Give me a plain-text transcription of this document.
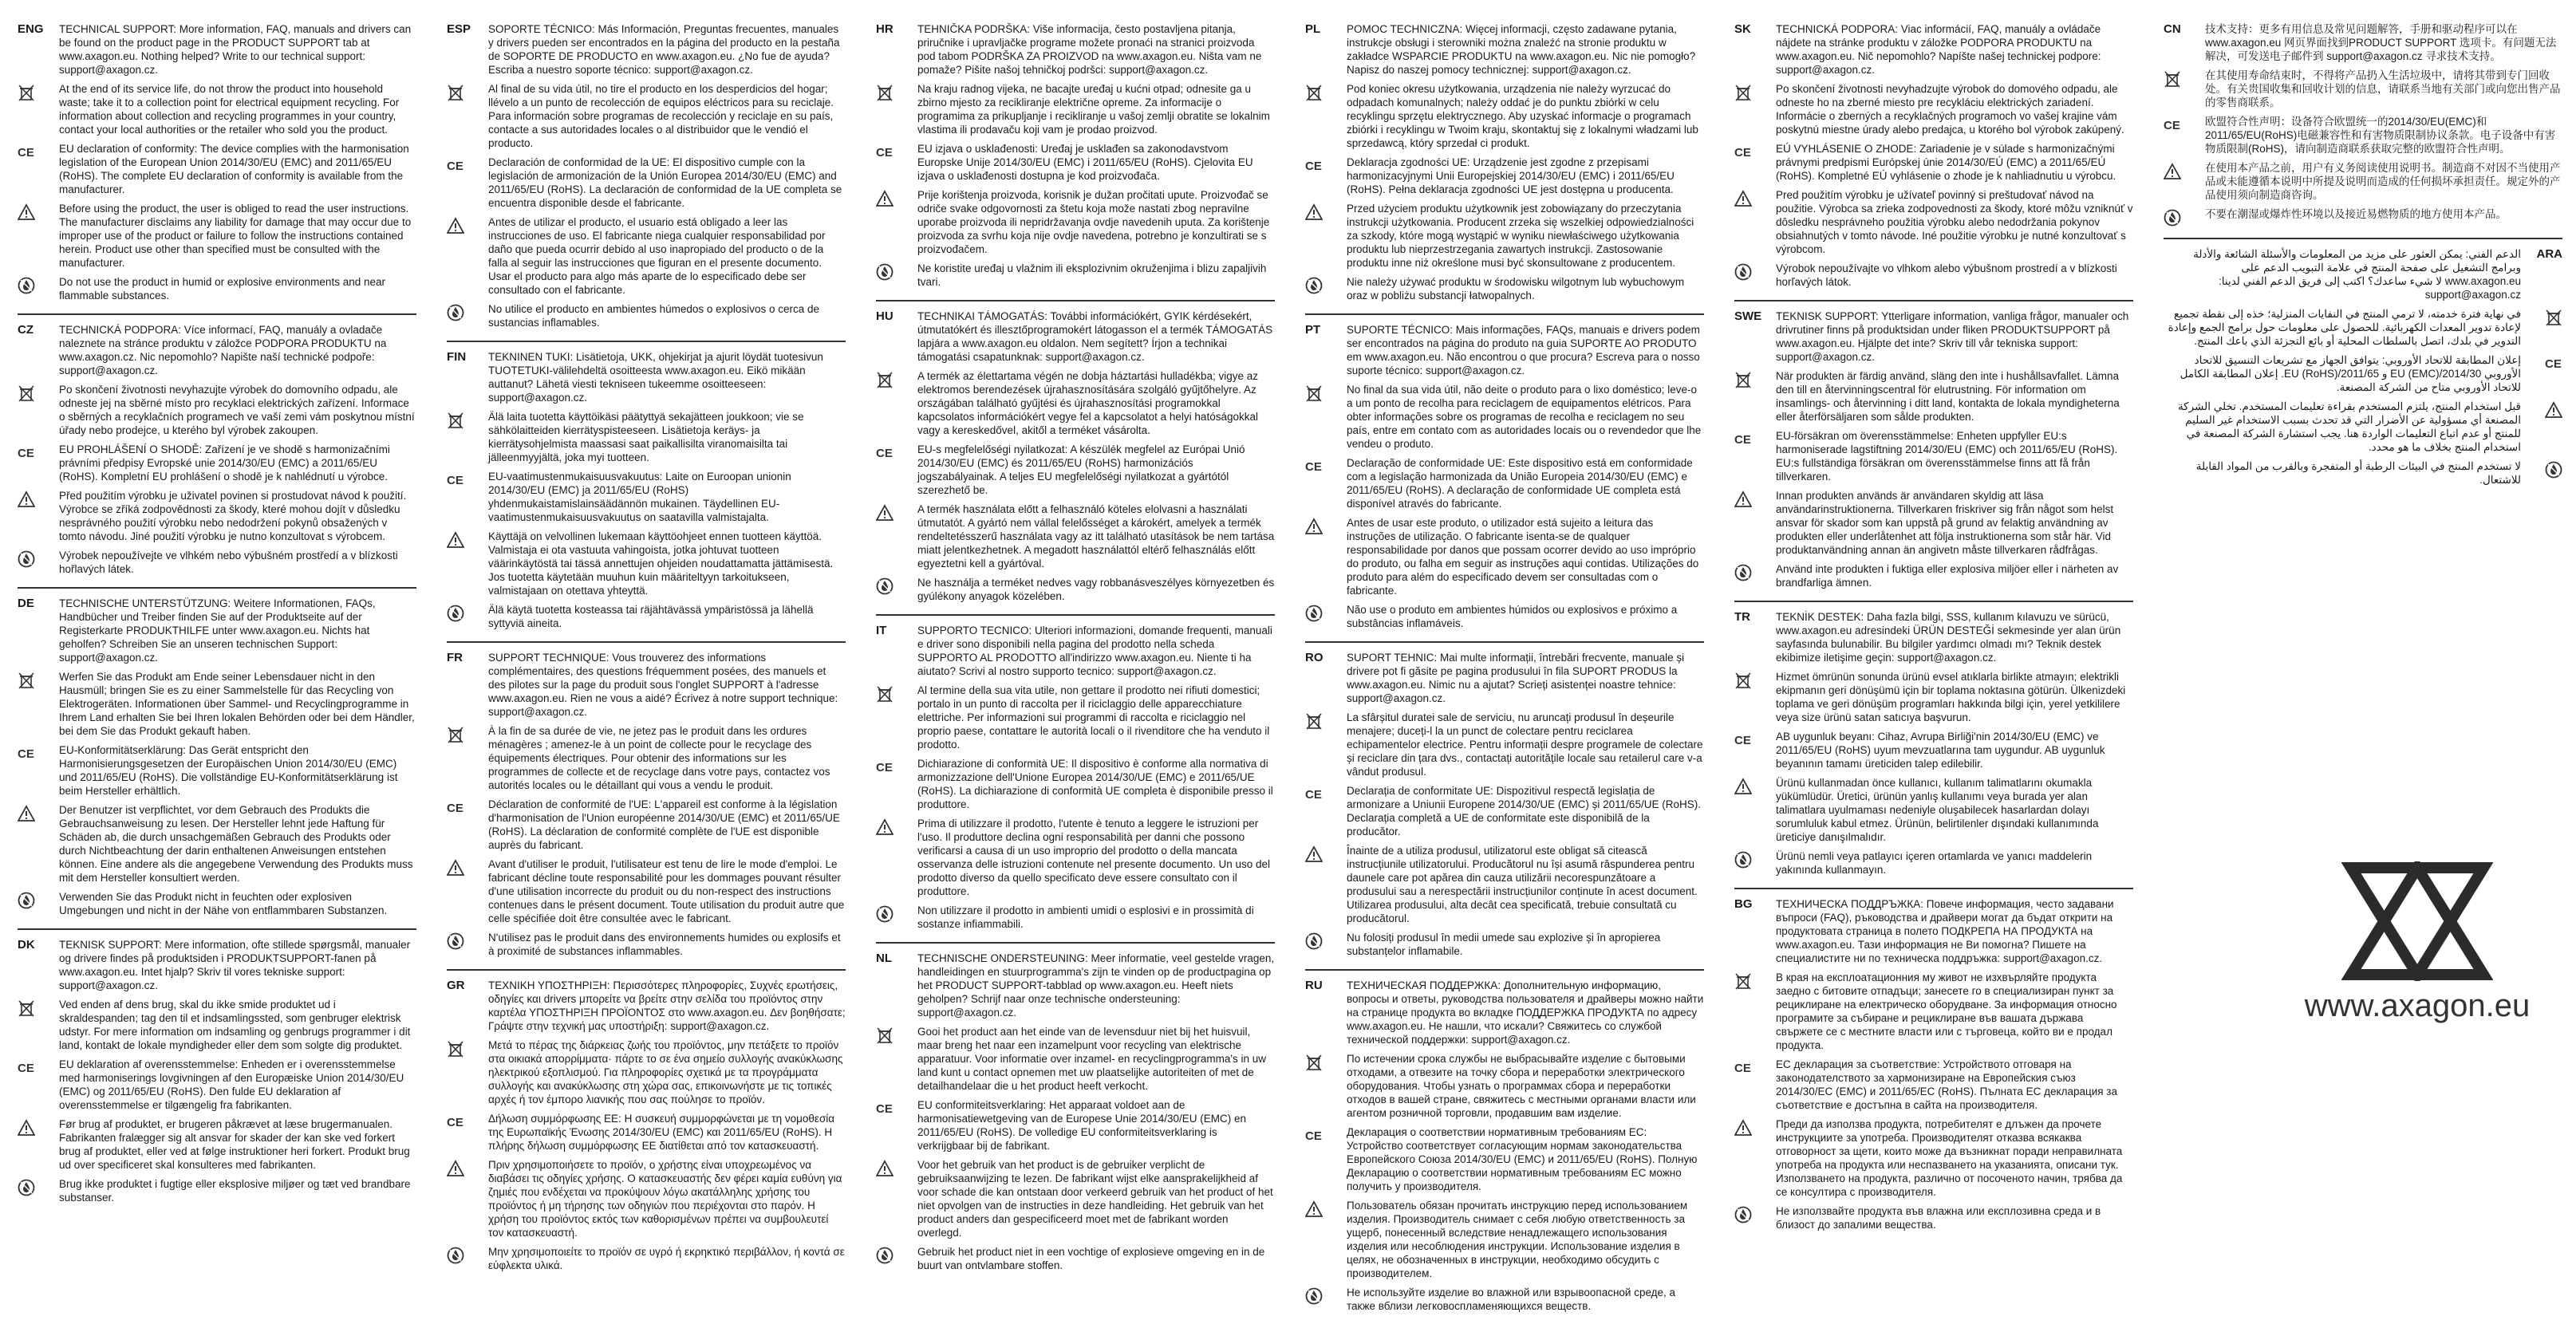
ENG	TECHNICAL SUPPORT: More information, FAQ, manuals and drivers can be found on the product page in the PRODUCT SUPPORT tab at www.axagon.eu. Nothing helped? Write to our technical support: support@axagon.cz.
At the end of its service life, do not throw the product into household waste; take it to a collection point for electrical equipment recycling. For information about collection and recycling programmes in your country, contact your local authorities or the retailer who sold you the product.
CE EU declaration of conformity: The device complies with the harmonisation legislation of the European Union 2014/30/EU (EMC) and 2011/65/EU (RoHS). The complete EU declaration of conformity is available from the manufacturer.
Before using the product, the user is obliged to read the user instructions. The manufacturer disclaims any liability for damage that may occur due to improper use of the product or failure to follow the instructions contained herein. Product use other than specified must be consulted with the manufacturer.
Do not use the product in humid or explosive environments and near flammable substances.
CZ	TECHNICKÁ PODPORA: Více informací, FAQ, manuály a ovladače naleznete na stránce produktu v záložce PODPORA PRODUKTU na www.axagon.cz. Nic nepomohlo? Napište naší technické podpoře: support@axagon.cz.
Po skončení životnosti nevyhazujte výrobek do domovního odpadu, ale odneste jej na sběrné místo pro recyklaci elektrických zařízení. Informace o sběrných a recyklačních programech ve vaší zemi vám poskytnou místní úřady nebo prodejce, u kterého byl výrobek zakoupen.
CE EU PROHLÁŠENÍ O SHODĚ: Zařízení je ve shodě s harmonizačními právními předpisy Evropské unie 2014/30/EU (EMC) a 2011/65/EU (RoHS). Kompletní EU prohlášení o shodě je k nahlédnutí u výrobce.
Před použitím výrobku je uživatel povinen si prostudovat návod k použití. Výrobce se zříká zodpovědnosti za škody, které mohou dojít v důsledku nesprávného použití výrobku nebo nedodržení pokynů obsažených v tomto návodu. Jiné použití výrobku je nutno konzultovat s výrobcem.
Výrobek nepoužívejte ve vlhkém nebo výbušném prostředí a v blízkosti hořlavých látek.
DE	TECHNISCHE UNTERSTÜTZUNG: Weitere Informationen, FAQs, Handbücher und Treiber finden Sie auf der Produktseite auf der Registerkarte PRODUKTHILFE unter www.axagon.eu. Nichts hat geholfen? Schreiben Sie an unseren technischen Support: support@axagon.cz.
Werfen Sie das Produkt am Ende seiner Lebensdauer nicht in den Hausmüll; bringen Sie es zu einer Sammelstelle für das Recycling von Elektrogeräten. Informationen über Sammel- und Recyclingprogramme in Ihrem Land erhalten Sie bei Ihren lokalen Behörden oder bei dem Händler, bei dem Sie das Produkt gekauft haben.
CE EU-Konformitätserklärung: Das Gerät entspricht den Harmonisierungsgesetzen der Europäischen Union 2014/30/EU (EMC) und 2011/65/EU (RoHS). Die vollständige EU-Konformitätserklärung ist beim Hersteller erhältlich.
Der Benutzer ist verpflichtet, vor dem Gebrauch des Produkts die Gebrauchsanweisung zu lesen. Der Hersteller lehnt jede Haftung für Schäden ab, die durch unsachgemäßen Gebrauch des Produkts oder durch Nichtbeachtung der darin enthaltenen Anweisungen entstehen können. Eine andere als die angegebene Verwendung des Produkts muss mit dem Hersteller konsultiert werden.
Verwenden Sie das Produkt nicht in feuchten oder explosiven Umgebungen und nicht in der Nähe von entflammbaren Substanzen.
DK	TEKNISK SUPPORT: Mere information, ofte stillede spørgsmål, manualer og drivere findes på produktsiden i PRODUKTSUPPORT-fanen på www.axagon.eu. Intet hjalp? Skriv til vores tekniske support: support@axagon.cz.
Ved enden af dens brug, skal du ikke smide produktet ud i skraldespanden; tag den til et indsamlingssted, som genbruger elektrisk udstyr. For mere information om indsamling og genbrugs programmer i dit land, kontakt de lokale myndigheder eller dem som solgte dig produktet.
CE EU deklaration af overensstemmelse: Enheden er i overensstemmelse med harmoniserings lovgivningen af den Europæiske Union 2014/30/EU (EMC) og 2011/65/EU (RoHS). Den fulde EU deklaration af overensstemmelse er tilgængelig fra fabrikanten.
Før brug af produktet, er brugeren påkrævet at læse brugermanualen. Fabrikanten fralægger sig alt ansvar for skader der kan ske ved forkert brug af produktet, eller ved at følge instruktioner heri forkert. Produkt brug ud over specificeret skal konsulteres med fabrikanten.
Brug ikke produktet i fugtige eller eksplosive miljøer og tæt ved brandbare substanser.
ESP	SOPORTE TÉCNICO: Más Información, Preguntas frecuentes, manuales y drivers pueden ser encontrados en la página del producto en la pestaña de SOPORTE DE PRODUCTO en www.axagon.eu. ¿No fue de ayuda? Escriba a nuestro soporte técnico: support@axagon.cz.
Al final de su vida útil, no tire el producto en los desperdicios del hogar; llévelo a un punto de recolección de equipos eléctricos para su reciclaje. Para información sobre programas de recolección y reciclaje en su país, contacte a sus autoridades locales o al distribuidor que le vendió el producto.
CE Declaración de conformidad de la UE: El dispositivo cumple con la legislación de armonización de la Unión Europea 2014/30/EU (EMC) and 2011/65/EU (RoHS). La declaración de conformidad de la UE completa se encuentra disponible desde el fabricante.
Antes de utilizar el producto, el usuario está obligado a leer las instrucciones de uso. El fabricante niega cualquier responsabilidad por daño que pueda ocurrir debido al uso inapropiado del producto o de la falla al seguir las instrucciones que figuran en el presente documento. Usar el producto para algo más aparte de lo especificado debe ser consultado con el fabricante.
No utilice el producto en ambientes húmedos o explosivos o cerca de sustancias inflamables.
FIN	TEKNINEN TUKI: Lisätietoja, UKK, ohjekirjat ja ajurit löydät tuotesivun TUOTETUKI-välilehdeltä osoitteesta www.axagon.eu. Eikö mikään auttanut? Lähetä viesti tekniseen tukeemme osoitteeseen: support@axagon.cz.
Älä laita tuotetta käyttöikäsi päätyttyä sekajätteen joukkoon; vie se sähkölaitteiden kierrätyspisteeseen. Lisätietoja keräys- ja kierrätysohjelmista maassasi saat paikallisilta viranomaisilta tai jälleenmyyjältä, joka myi tuotteen.
CE EU-vaatimustenmukaisuusvakuutus: Laite on Euroopan unionin 2014/30/EU (EMC) ja 2011/65/EU (RoHS) yhdenmukaistamislainsäädännön mukainen. Täydellinen EU-vaatimustenmukaisuusvakuutus on saatavilla valmistajalta.
Käyttäjä on velvollinen lukemaan käyttöohjeet ennen tuotteen käyttöä. Valmistaja ei ota vastuuta vahingoista, jotka johtuvat tuotteen väärinkäytöstä tai tässä annettujen ohjeiden noudattamatta jättämisestä. Jos tuotetta käytetään muuhun kuin määriteltyyn tarkoitukseen, valmistajaan on otettava yhteyttä.
Älä käytä tuotetta kosteassa tai räjähtävässä ympäristössä ja lähellä syttyviä aineita.
FR	SUPPORT TECHNIQUE: Vous trouverez des informations complémentaires, des questions fréquemment posées, des manuels et des pilotes sur la page du produit sous l'onglet SUPPORT à l'adresse www.axagon.eu. Rien ne vous a aidé? Écrivez à notre support technique: support@axagon.cz.
À la fin de sa durée de vie, ne jetez pas le produit dans les ordures ménagères ; amenez-le à un point de collecte pour le recyclage des équipements électriques. Pour obtenir des informations sur les programmes de collecte et de recyclage dans votre pays, contactez vos autorités locales ou le détaillant qui vous a vendu le produit.
CE Déclaration de conformité de l'UE: L'appareil est conforme à la législation d'harmonisation de l'Union européenne 2014/30/UE (EMC) et 2011/65/UE (RoHS). La déclaration de conformité complète de l'UE est disponible auprès du fabricant.
Avant d'utiliser le produit, l'utilisateur est tenu de lire le mode d'emploi. Le fabricant décline toute responsabilité pour les dommages pouvant résulter d'une utilisation incorrecte du produit ou du non-respect des instructions contenues dans le présent document. Toute utilisation du produit autre que celle spécifiée doit être consultée avec le fabricant.
N'utilisez pas le produit dans des environnements humides ou explosifs et à proximité de substances inflammables.
GR	ΤΕΧΝΙΚΗ ΥΠΟΣΤΗΡΙΞΗ: Περισσότερες πληροφορίες, Συχνές ερωτήσεις, οδηγίες και drivers μπορείτε να βρείτε στην σελίδα του προϊόντος στην καρτέλα ΥΠΟΣΤΗΡΙΞΗ ΠΡΟΪΟΝΤΟΣ στο www.axagon.eu. Δεν βοηθήσατε; Γράψτε στην τεχνική μας υποστήριξη: support@axagon.cz.
Μετά το πέρας της διάρκειας ζωής του προϊόντος, μην πετάξετε το προϊόν στα οικιακά απορρίμματα· πάρτε το σε ένα σημείο συλλογής ανακύκλωσης ηλεκτρικού εξοπλισμού. Για πληροφορίες σχετικά με τα προγράμματα συλλογής και ανακύκλωσης στη χώρα σας, επικοινωνήστε με τις τοπικές αρχές ή τον έμπορο λιανικής που σας πούλησε το προϊόν.
CE Δήλωση συμμόρφωσης ΕΕ: Η συσκευή συμμορφώνεται με τη νομοθεσία της Ευρωπαϊκής Ένωσης 2014/30/EU (EMC) και 2011/65/EU (RoHS). Η πλήρης δήλωση συμμόρφωσης ΕΕ διατίθεται από τον κατασκευαστή.
Πριν χρησιμοποιήσετε το προϊόν, ο χρήστης είναι υποχρεωμένος να διαβάσει τις οδηγίες χρήσης. Ο κατασκευαστής δεν φέρει καμία ευθύνη για ζημιές που ενδέχεται να προκύψουν λόγω ακατάλληλης χρήσης του προϊόντος ή μη τήρησης των οδηγιών που περιέχονται στο παρόν. Η χρήση του προϊόντος εκτός των καθορισμένων πρέπει να συμβουλευτεί τον κατασκευαστή.
Μην χρησιμοποιείτε το προϊόν σε υγρό ή εκρηκτικό περιβάλλον, ή κοντά σε εύφλεκτα υλικά.
HR	TEHNIČKA PODRŠKA: Više informacija, često postavljena pitanja, priručnike i upravljačke programe možete pronaći na stranici proizvoda pod tabom PODRŠKA ZA PROIZVOD na www.axagon.eu. Ništa vam ne pomaže? Pišite našoj tehničkoj podršci: support@axagon.cz.
Na kraju radnog vijeka, ne bacajte uređaj u kućni otpad; odnesite ga u zbirno mjesto za recikliranje električne opreme. Za informacije o programima za prikupljanje i recikliranje u vašoj zemlji obratite se lokalnim vlastima ili prodavaču koji vam je prodao proizvod.
CE EU izjava o usklađenosti: Uređaj je usklađen sa zakonodavstvom Europske Unije 2014/30/EU (EMC) i 2011/65/EU (RoHS). Cjelovita EU izjava o usklađenosti dostupna je kod proizvođača.
Prije korištenja proizvoda, korisnik je dužan pročitati upute. Proizvođač se odriče svake odgovornosti za štetu koja može nastati zbog nepravilne uporabe proizvoda ili nepridržavanja ovdje navedenih uputa. Za korištenje proizvoda za svrhu koja nije ovdje navedena, potrebno je konzultirati se s proizvođačem.
Ne koristite uređaj u vlažnim ili eksplozivnim okruženjima i blizu zapaljivih tvari.
HU	TECHNIKAI TÁMOGATÁS: További információkért, GYIK kérdésekért, útmutatókért és illesztőprogramokért látogasson el a termék TÁMOGATÁS lapjára a www.axagon.eu oldalon. Nem segített? Írjon a technikai támogatási csapatunknak: support@axagon.cz.
A termék az élettartama végén ne dobja háztartási hulladékba; vigye az elektromos berendezések újrahasznosítására szolgáló gyűjtőhelyre. Az országában található gyűjtési és újrahasznosítási programokkal kapcsolatos információkért vegye fel a kapcsolatot a helyi hatóságokkal vagy a kereskedővel, akitől a terméket vásárolta.
CE EU-s megfelelőségi nyilatkozat: A készülék megfelel az Európai Unió 2014/30/EU (EMC) és 2011/65/EU (RoHS) harmonizációs jogszabályainak. A teljes EU megfelelőségi nyilatkozat a gyártótól szerezhető be.
A termék használata előtt a felhasználó köteles elolvasni a használati útmutatót. A gyártó nem vállal felelősséget a károkért, amelyek a termék rendeltetésszerű használata vagy az itt található utasítások be nem tartása miatt jelentkezhetnek. A megadott használattól eltérő felhasználás előtt egyeztetni kell a gyártóval.
Ne használja a terméket nedves vagy robbanásveszélyes környezetben és gyúlékony anyagok közelében.
IT	SUPPORTO TECNICO: Ulteriori informazioni, domande frequenti, manuali e driver sono disponibili nella pagina del prodotto nella scheda SUPPORTO AL PRODOTTO all'indirizzo www.axagon.eu. Niente ti ha aiutato? Scrivi al nostro supporto tecnico: support@axagon.cz.
Al termine della sua vita utile, non gettare il prodotto nei rifiuti domestici; portalo in un punto di raccolta per il riciclaggio delle apparecchiature elettriche. Per informazioni sui programmi di raccolta e riciclaggio nel proprio paese, contattare le autorità locali o il rivenditore che ha venduto il prodotto.
CE Dichiarazione di conformità UE: Il dispositivo è conforme alla normativa di armonizzazione dell'Unione Europea 2014/30/UE (EMC) e 2011/65/UE (RoHS). La dichiarazione di conformità UE completa è disponibile presso il produttore.
Prima di utilizzare il prodotto, l'utente è tenuto a leggere le istruzioni per l'uso. Il produttore declina ogni responsabilità per danni che possono verificarsi a causa di un uso improprio del prodotto o della mancata osservanza delle istruzioni contenute nel presente documento. Un uso del prodotto diverso da quello specificato deve essere consultato con il produttore.
Non utilizzare il prodotto in ambienti umidi o esplosivi e in prossimità di sostanze infiammabili.
NL	TECHNISCHE ONDERSTEUNING: Meer informatie, veel gestelde vragen, handleidingen en stuurprogramma's zijn te vinden op de productpagina op het PRODUCT SUPPORT-tabblad op www.axagon.eu. Heeft niets geholpen? Schrijf naar onze technische ondersteuning: support@axagon.cz.
Gooi het product aan het einde van de levensduur niet bij het huisvuil, maar breng het naar een inzamelpunt voor recycling van elektrische apparatuur. Voor informatie over inzamel- en recyclingprogramma's in uw land kunt u contact opnemen met uw plaatselijke autoriteiten of met de detailhandelaar die u het product heeft verkocht.
CE EU conformiteitsverklaring: Het apparaat voldoet aan de harmonisatiewetgeving van de Europese Unie 2014/30/EU (EMC) en 2011/65/EU (RoHS). De volledige EU conformiteitsverklaring is verkrijgbaar bij de fabrikant.
Voor het gebruik van het product is de gebruiker verplicht de gebruiksaanwijzing te lezen. De fabrikant wijst elke aansprakelijkheid af voor schade die kan ontstaan door verkeerd gebruik van het product of het niet opvolgen van de instructies in deze handleiding. Het gebruik van het product anders dan gespecificeerd moet met de fabrikant worden overlegd.
Gebruik het product niet in een vochtige of explosieve omgeving en in de buurt van ontvlambare stoffen.
PL	POMOC TECHNICZNA: Więcej informacji, często zadawane pytania, instrukcje obsługi i sterowniki można znaleźć na stronie produktu w zakładce WSPARCIE PRODUKTU na www.axagon.eu. Nic nie pomogło? Napisz do naszej pomocy technicznej: support@axagon.cz.
Pod koniec okresu użytkowania, urządzenia nie należy wyrzucać do odpadach komunalnych; należy oddać je do punktu zbiórki w celu recyklingu sprzętu elektrycznego. Aby uzyskać informacje o programach zbiórki i recyklingu w Twoim kraju, skontaktuj się z lokalnymi władzami lub sprzedawcą, który sprzedał ci produkt.
CE Deklaracja zgodności UE: Urządzenie jest zgodne z przepisami harmonizacyjnymi Unii Europejskiej 2014/30/EU (EMC) i 2011/65/EU (RoHS). Pełna deklaracja zgodności UE jest dostępna u producenta.
Przed użyciem produktu użytkownik jest zobowiązany do przeczytania instrukcji użytkowania. Producent zrzeka się wszelkiej odpowiedzialności za szkody, które mogą wystąpić w wyniku niewłaściwego użytkowania produktu lub nieprzestrzegania zawartych instrukcji. Zastosowanie produktu inne niż określone musi być skonsultowane z producentem.
Nie należy używać produktu w środowisku wilgotnym lub wybuchowym oraz w pobliżu substancji łatwopalnych.
PT	SUPORTE TÉCNICO: Mais informações, FAQs, manuais e drivers podem ser encontrados na página do produto na guia SUPORTE AO PRODUTO em www.axagon.eu. Não encontrou o que procura? Escreva para o nosso suporte técnico: support@axagon.cz.
No final da sua vida útil, não deite o produto para o lixo doméstico; leve-o a um ponto de recolha para reciclagem de equipamentos elétricos. Para obter informações sobre os programas de recolha e reciclagem no seu país, entre em contato com as autoridades locais ou o revendedor que lhe vendeu o produto.
CE Declaração de conformidade UE: Este dispositivo está em conformidade com a legislação harmonizada da União Europeia 2014/30/EU (EMC) e 2011/65/EU (RoHS). A declaração de conformidade UE completa está disponível através do fabricante.
Antes de usar este produto, o utilizador está sujeito a leitura das instruções de utilização. O fabricante isenta-se de qualquer responsabilidade por danos que possam ocorrer devido ao uso impróprio do produto, ou falha em seguir as instruções aqui contidas. Utilizações do produto para além do especificado devem ser consultadas com o fabricante.
Não use o produto em ambientes húmidos ou explosivos e próximo a substâncias inflamáveis.
RO	SUPORT TEHNIC: Mai multe informații, întrebări frecvente, manuale și drivere pot fi găsite pe pagina produsului în fila SUPORT PRODUS la www.axagon.eu. Nimic nu a ajutat? Scrieți asistenței noastre tehnice: support@axagon.cz.
La sfârșitul duratei sale de serviciu, nu aruncați produsul în deșeurile menajere; duceți-l la un punct de colectare pentru reciclarea echipamentelor electrice. Pentru informații despre programele de colectare și reciclare din țara dvs., contactați autoritățile locale sau retailerul care v-a vândut produsul.
CE Declarația de conformitate UE: Dispozitivul respectă legislația de armonizare a Uniunii Europene 2014/30/UE (EMC) și 2011/65/UE (RoHS). Declarația completă a UE de conformitate este disponibilă de la producător.
Înainte de a utiliza produsul, utilizatorul este obligat să citească instrucțiunile utilizatorului. Producătorul nu își asumă răspunderea pentru daunele care pot apărea din cauza utilizării necorespunzătoare a produsului sau a nerespectării instrucțiunilor conținute în acest document. Utilizarea produsului, alta decât cea specificată, trebuie consultată cu producătorul.
Nu folosiți produsul în medii umede sau explozive și în apropierea substanțelor inflamabile.
RU	ТЕХНИЧЕСКАЯ ПОДДЕРЖКА: Дополнительную информацию, вопросы и ответы, руководства пользователя и драйверы можно найти на странице продукта во вкладке ПОДДЕРЖКА ПРОДУКТА по адресу www.axagon.eu. Не нашли, что искали? Свяжитесь со службой технической поддержки: support@axagon.cz.
По истечении срока службы не выбрасывайте изделие с бытовыми отходами, а отвезите на точку сбора и переработки электрического оборудования. Чтобы узнать о программах сбора и переработки отходов в вашей стране, свяжитесь с местными органами власти или агентом розничной торговли, продавшим вам изделие.
CE Декларация о соответствии нормативным требованиям ЕС: Устройство соответствует согласующим нормам законодательства Европейского Союза 2014/30/EU (EMC) и 2011/65/EU (RoHS). Полную Декларацию о соответствии нормативным требованиям ЕС можно получить у производителя.
Пользователь обязан прочитать инструкцию перед использованием изделия. Производитель снимает с себя любую ответственность за ущерб, понесенный вследствие ненадлежащего использования изделия или несоблюдения инструкции. Использование изделия в целях, не обозначенных в инструкции, необходимо обсудить с производителем.
Не используйте изделие во влажной или взрывоопасной среде, а также вблизи легковоспламеняющихся веществ.
SK	TECHNICKÁ PODPORA: Viac informácií, FAQ, manuály a ovládače nájdete na stránke produktu v záložke PODPORA PRODUKTU na www.axagon.eu. Nič nepomohlo? Napíšte našej technickej podpore: support@axagon.cz.
Po skončení životnosti nevyhadzujte výrobok do domového odpadu, ale odneste ho na zberné miesto pre recykláciu elektrických zariadení. Informácie o zberných a recyklačných programoch vo vašej krajine vám poskytnú miestne úrady alebo predajca, u ktorého bol výrobok zakúpený.
CE EÚ VYHLÁSENIE O ZHODE: Zariadenie je v súlade s harmonizačnými právnymi predpismi Európskej únie 2014/30/EÚ (EMC) a 2011/65/EÚ (RoHS). Kompletné EÚ vyhlásenie o zhode je k nahliadnutiu u výrobcu.
Pred použitím výrobku je užívateľ povinný si preštudovať návod na použitie. Výrobca sa zrieka zodpovednosti za škody, ktoré môžu vzniknúť v dôsledku nesprávneho použitia výrobku alebo nedodržania pokynov obsiahnutých v tomto návode. Iné použitie výrobku je nutné konzultovať s výrobcom.
Výrobok nepoužívajte vo vlhkom alebo výbušnom prostredí a v blízkosti horľavých látok.
SWE	TEKNISK SUPPORT: Ytterligare information, vanliga frågor, manualer och drivrutiner finns på produktsidan under fliken PRODUKTSUPPORT på www.axagon.eu. Hjälpte det inte? Skriv till vår tekniska support: support@axagon.cz.
När produkten är färdig använd, släng den inte i hushållsavfallet. Lämna den till en återvinningscentral för elutrustning. För information om insamlings- och återvinning i ditt land, kontakta de lokala myndigheterna eller återförsäljaren som sålde produkten.
CE EU-försäkran om överensstämmelse: Enheten uppfyller EU:s harmoniserade lagstiftning 2014/30/EU (EMC) och 2011/65/EU (RoHS). EU:s fullständiga försäkran om överensstämmelse finns att få från tillverkaren.
Innan produkten används är användaren skyldig att läsa användarinstruktionerna. Tillverkaren friskriver sig från något som helst ansvar för skador som kan uppstå på grund av felaktig användning av produkten eller underlåtenhet att följa instruktionerna som står här. Vid produktanvändning annan än angivetn måste tillverkaren rådfrågas.
Använd inte produkten i fuktiga eller explosiva miljöer eller i närheten av brandfarliga ämnen.
TR	TEKNİK DESTEK: Daha fazla bilgi, SSS, kullanım kılavuzu ve sürücü, www.axagon.eu adresindeki ÜRÜN DESTEĞİ sekmesinde yer alan ürün sayfasında bulunabilir. Bu bilgiler yardımcı olmadı mı? Teknik destek ekibimize iletişime geçin: support@axagon.cz.
Hizmet ömrünün sonunda ürünü evsel atıklarla birlikte atmayın; elektrikli ekipmanın geri dönüşümü için bir toplama noktasına götürün. Ülkenizdeki toplama ve geri dönüşüm programları hakkında bilgi için, yerel yetkililere veya size ürünü satan satıcıya başvurun.
CE AB uygunluk beyanı: Cihaz, Avrupa Birliği'nin 2014/30/EU (EMC) ve 2011/65/EU (RoHS) uyum mevzuatlarına tam uygundur. AB uygunluk beyanının tamamı üreticiden talep edilebilir.
Ürünü kullanmadan önce kullanıcı, kullanım talimatlarını okumakla yükümlüdür. Üretici, ürünün yanlış kullanımı veya burada yer alan talimatlara uyulmaması nedeniyle oluşabilecek hasarlardan dolayı sorumluluk kabul etmez. Ürünün, belirtilenler dışındaki kullanımında üreticiye danışılmalıdır.
Ürünü nemli veya patlayıcı içeren ortamlarda ve yanıcı maddelerin yakınında kullanmayın.
BG	ТЕХНИЧЕСКА ПОДДРЪЖКА: Повече информация, често задавани въпроси (FAQ), ръководства и драйвери могат да бъдат открити на продуктовата страница в полето ПОДКРЕПА НА ПРОДУКТА на www.axagon.eu. Тази информация не Ви помогна? Пишете на специалистите ни по техническа поддръжка: support@axagon.cz.
В края на експлоатационния му живот не изхвърляйте продукта заедно с битовите отпадъци; занесете го в специализиран пункт за рециклиране на електрическо оборудване. За информация относно програмите за събиране и рециклиране във вашата държава свържете се с местните власти или с търговеца, който ви е продал продукта.
CE ЕС декларация за съответствие: Устройството отговаря на законодателството за хармонизиране на Европейския съюз 2014/30/EC (EMC) и 2011/65/EC (RoHS). Пълната ЕС декларация за съответствие е достъпна в сайта на производителя.
Преди да използва продукта, потребителят е длъжен да прочете инструкциите за употреба. Производителят отказва всякаква отговорност за щети, които може да възникнат поради неправилната употреба на продукта или неспазването на указанията, описани тук. Използването на продукта, различно от посоченото начин, трябва да се консултира с производителя.
Не използвайте продукта във влажна или експлозивна среда и в близост до запалими вещества.
CN	技术支持：更多有用信息及常见问题解答，手册和驱动程序可以在www.axagon.eu 网页界面找到PRODUCT SUPPORT 选项卡。有问题无法解决，可发送电子邮件到 support@axagon.cz 寻求技术支持。
在其使用寿命结束时，不得将产品扔入生活垃圾中，请将其带到专门回收处。有关贵国收集和回收计划的信息，请联系当地有关部门或向您出售产品的零售商联系。
CE 欧盟符合性声明：设备符合欧盟统一的2014/30/EU(EMC)和2011/65/EU(RoHS)电磁兼容性和有害物质限制协议条款。电子设备中有害物质限制(RoHS)，请向制造商联系获取完整的欧盟符合性声明。
在使用本产品之前，用户有义务阅读使用说明书。制造商不对因不当使用产品或未能遵循本说明中所提及说明而造成的任何损坏承担责任。规定外的产品使用须向制造商咨询。
不要在潮湿或爆炸性环境以及接近易燃物质的地方使用本产品。
ARA
الدعم الفني: يمكن العثور على مزيد من المعلومات والأسئلة الشائعة والأدلة وبرامج التشغيل على صفحة المنتج في علامة التبويب الدعم على www.axagon.eu لا شيء ساعدك؟ اكتب إلى فريق الدعم الفني لدينا: support@axagon.cz
في نهاية فترة خدمته، لا ترمي المنتج في النفايات المنزلية؛ خذه إلى نقطة تجميع لإعادة تدوير المعدات الكهربائية. للحصول على معلومات حول برامج الجمع وإعادة التدوير في بلدك، اتصل بالسلطات المحلية أو بائع التجزئة الذي باعك المنتج.
CE
إعلان المطابقة للاتحاد الأوروبي: يتوافق الجهاز مع تشريعات التنسيق للاتحاد الأوروبي 2014/30/EU (EMC) و 2011/65/EU (RoHS). إعلان المطابقة الكامل للاتحاد الأوروبي متاح من الشركة المصنعة.
قبل استخدام المنتج، يلتزم المستخدم بقراءة تعليمات المستخدم. تخلي الشركة المصنعة أي مسؤولية عن الأضرار التي قد تحدث بسبب الاستخدام غير السليم للمنتج أو عدم اتباع التعليمات الواردة هنا. يجب استشارة الشركة المصنعة في استخدام المنتج بخلاف ما هو محدد.
لا تستخدم المنتج في البيئات الرطبة أو المتفجرة وبالقرب من المواد القابلة للاشتعال.
www.axagon.eu
